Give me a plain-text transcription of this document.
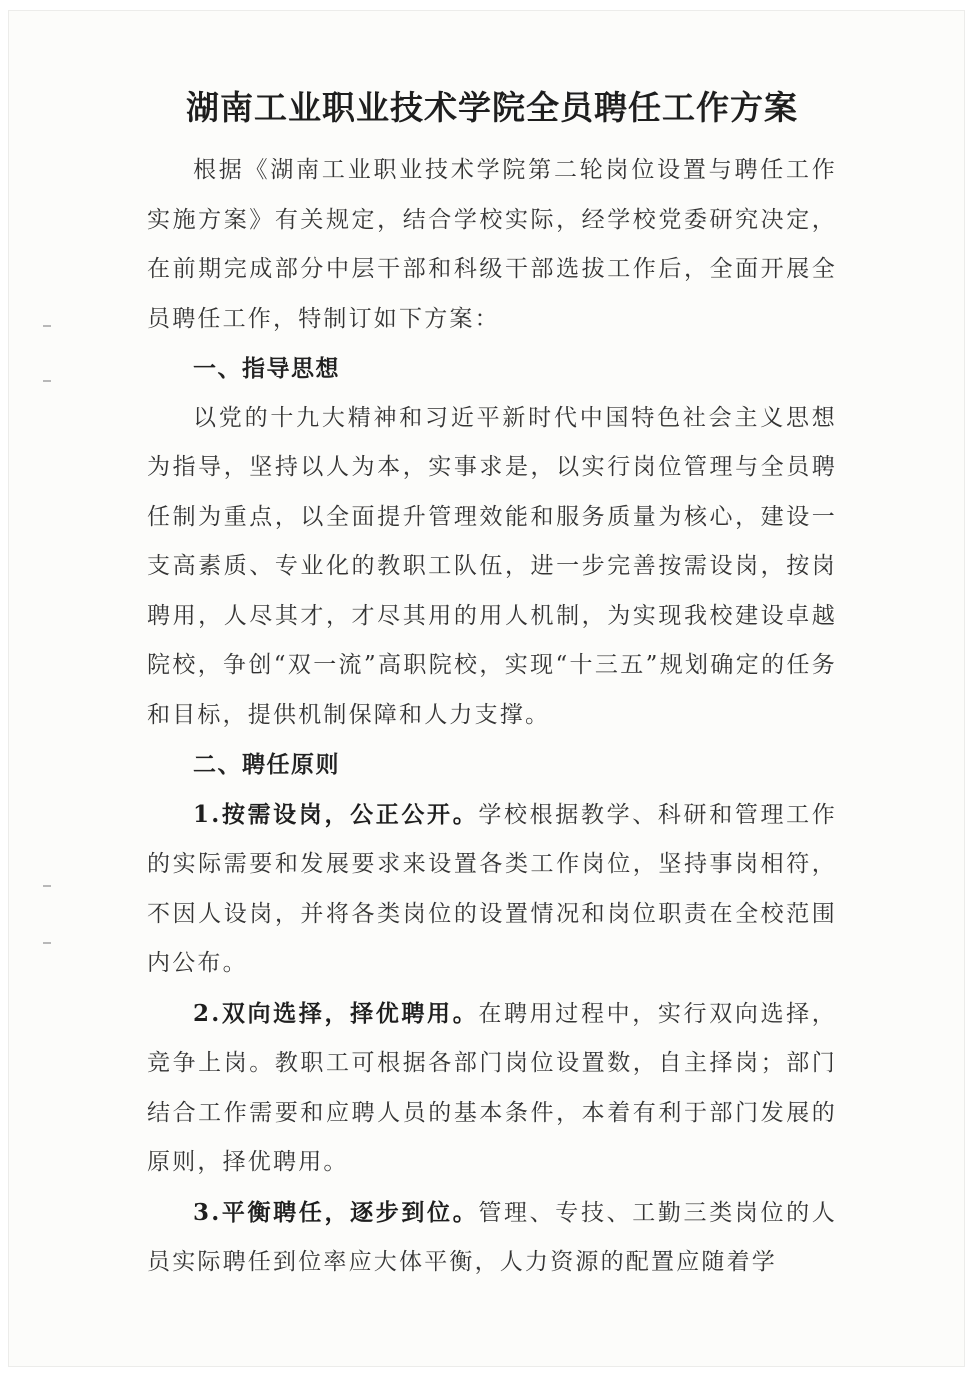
湖南工业职业技术学院全员聘任工作方案

根据《湖南工业职业技术学院第二轮岗位设置与聘任工作实施方案》有关规定，结合学校实际，经学校党委研究决定，在前期完成部分中层干部和科级干部选拔工作后，全面开展全员聘任工作，特制订如下方案：

一、指导思想

以党的十九大精神和习近平新时代中国特色社会主义思想为指导，坚持以人为本，实事求是，以实行岗位管理与全员聘任制为重点，以全面提升管理效能和服务质量为核心，建设一支高素质、专业化的教职工队伍，进一步完善按需设岗，按岗聘用，人尽其才，才尽其用的用人机制，为实现我校建设卓越院校，争创“双一流”高职院校，实现“十三五”规划确定的任务和目标，提供机制保障和人力支撑。

二、聘任原则

1.按需设岗，公正公开。学校根据教学、科研和管理工作的实际需要和发展要求来设置各类工作岗位，坚持事岗相符，不因人设岗，并将各类岗位的设置情况和岗位职责在全校范围内公布。

2.双向选择，择优聘用。在聘用过程中，实行双向选择，竞争上岗。教职工可根据各部门岗位设置数，自主择岗；部门结合工作需要和应聘人员的基本条件，本着有利于部门发展的原则，择优聘用。

3.平衡聘任，逐步到位。管理、专技、工勤三类岗位的人员实际聘任到位率应大体平衡，人力资源的配置应随着学
